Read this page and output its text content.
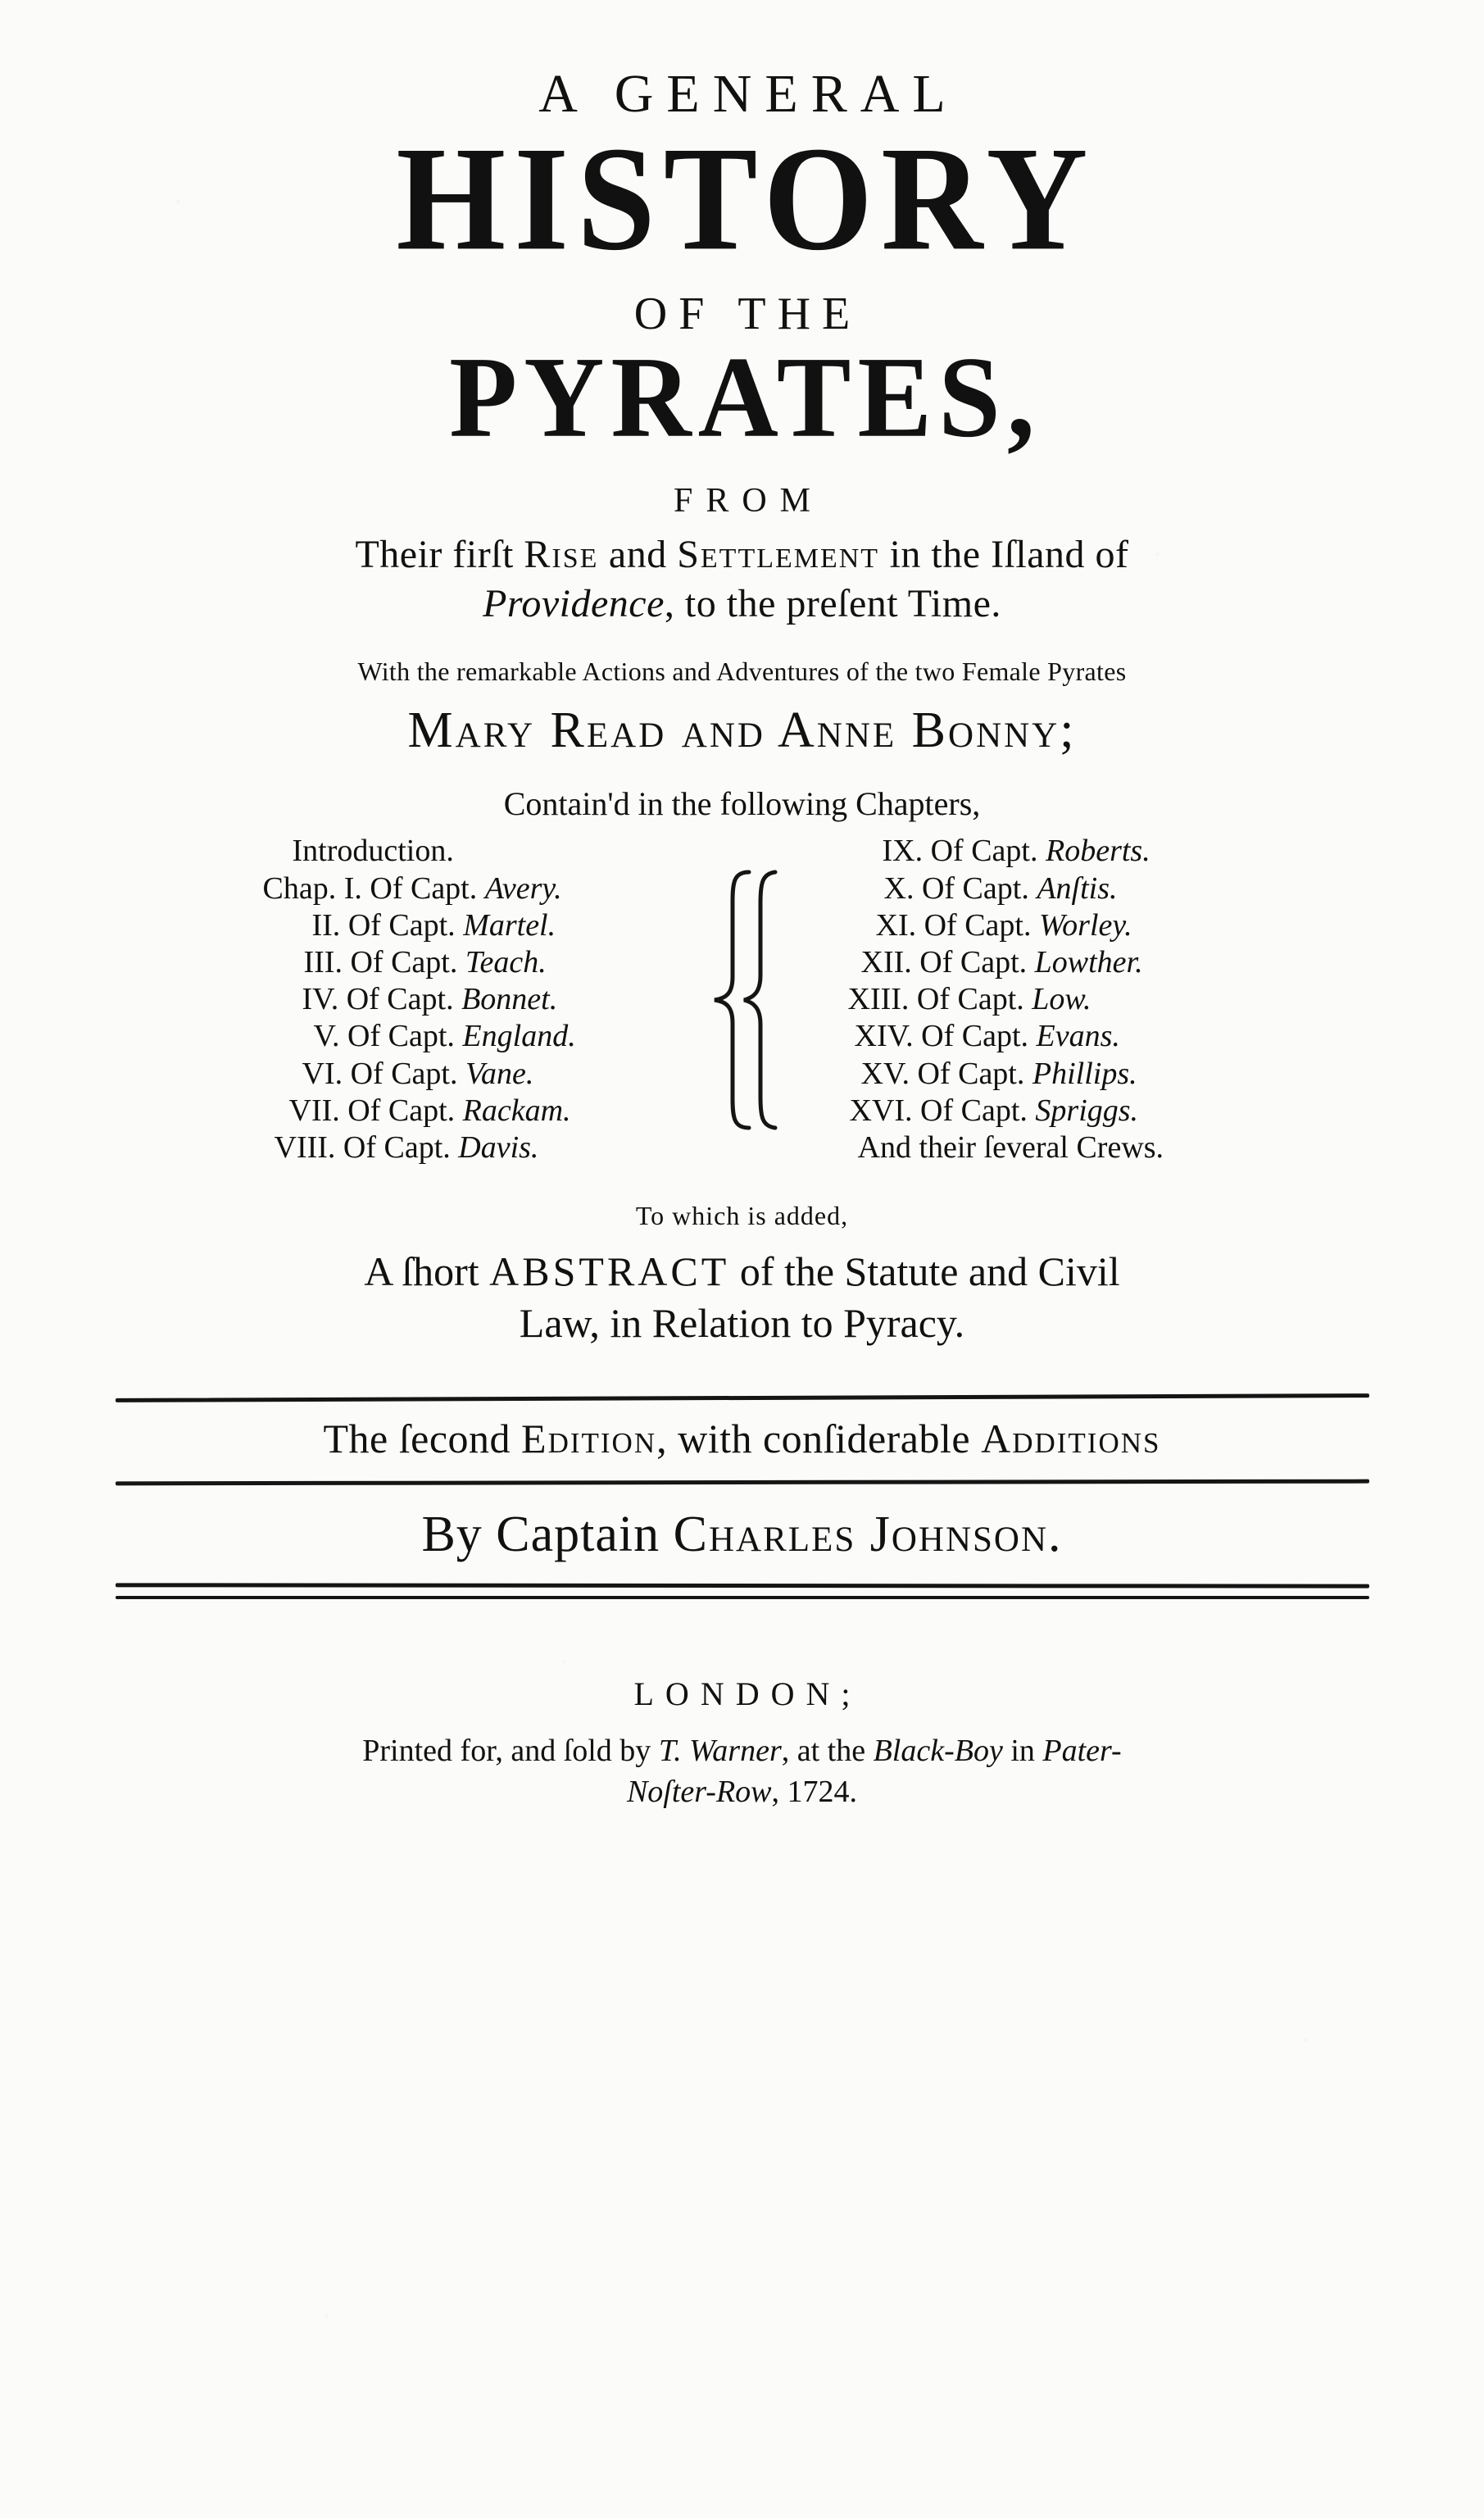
A GENERAL
HISTORY
OF THE
PYRATES,
FROM
Their firſt Rise and Settlement in the Iſland of
Providence, to the preſent Time.
With the remarkable Actions and Adventures of the two Female Pyrates
Mary Read and Anne Bonny;
Contain'd in the following Chapters,
Introduction.
Chap. I. Of Capt. Avery.
II. Of Capt. Martel.
III. Of Capt. Teach.
IV. Of Capt. Bonnet.
V. Of Capt. England.
VI. Of Capt. Vane.
VII. Of Capt. Rackam.
VIII. Of Capt. Davis.
IX. Of Capt. Roberts.
X. Of Capt. Anſtis.
XI. Of Capt. Worley.
XII. Of Capt. Lowther.
XIII. Of Capt. Low.
XIV. Of Capt. Evans.
XV. Of Capt. Phillips.
XVI. Of Capt. Spriggs.
And their ſeveral Crews.
To which is added,
A ſhort ABSTRACT of the Statute and Civil
Law, in Relation to Pyracy.
The ſecond Edition, with conſiderable Additions
By Captain Charles Johnson.
LONDON;
Printed for, and ſold by T. Warner, at the Black-Boy in Pater-
Noſter-Row, 1724.
